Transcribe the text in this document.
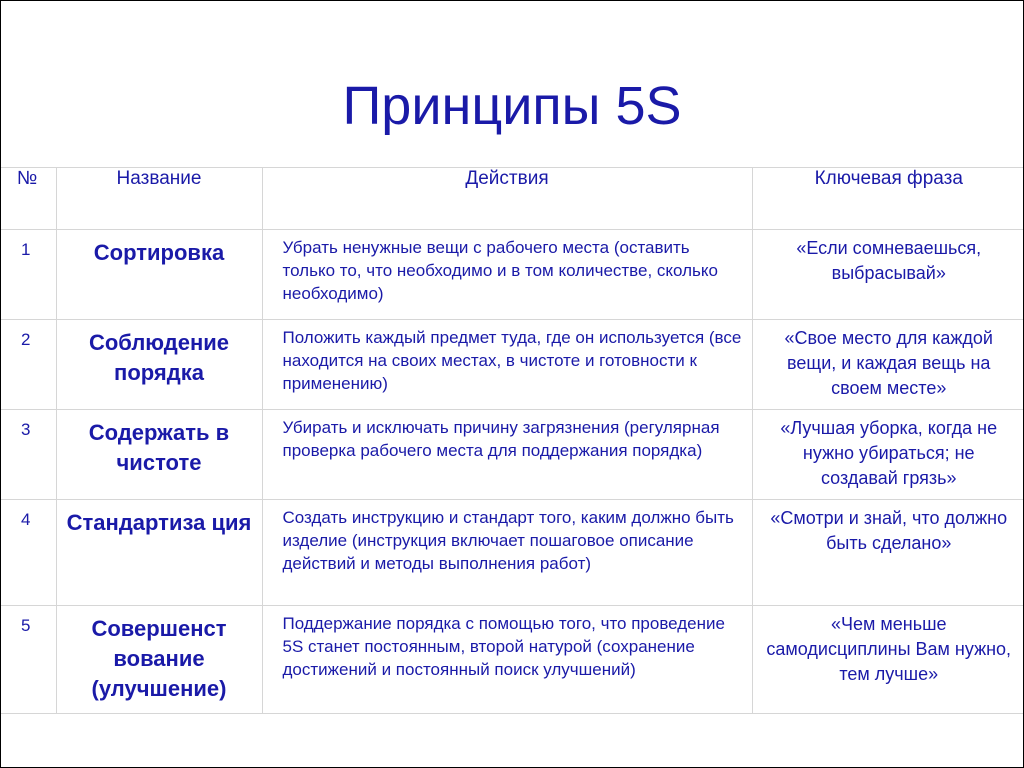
Принципы 5S
№	Название	Действия	Ключевая фраза
1	Сортировка	Убрать ненужные вещи с рабочего места (оставить только то, что необходимо и в том количестве, сколько необходимо)	«Если сомневаешься, выбрасывай»
2	Соблюдение порядка	Положить каждый предмет туда, где он используется (все находится на своих местах, в чистоте и готовности к применению)	«Свое место для каждой вещи, и каждая вещь на своем месте»
3	Содержать в чистоте	Убирать и исключать причину загрязнения (регулярная проверка рабочего места для поддержания порядка)	«Лучшая уборка, когда не нужно убираться; не создавай грязь»
4	Стандартиза ция	Создать инструкцию и стандарт того, каким должно быть изделие (инструкция включает пошаговое описание действий и методы выполнения работ)	«Смотри и знай, что должно быть сделано»
5	Совершенст вование (улучшение)	Поддержание порядка с помощью того, что проведение 5S станет постоянным, второй натурой (сохранение достижений и постоянный поиск улучшений)	«Чем меньше самодисциплины Вам нужно, тем лучше»
